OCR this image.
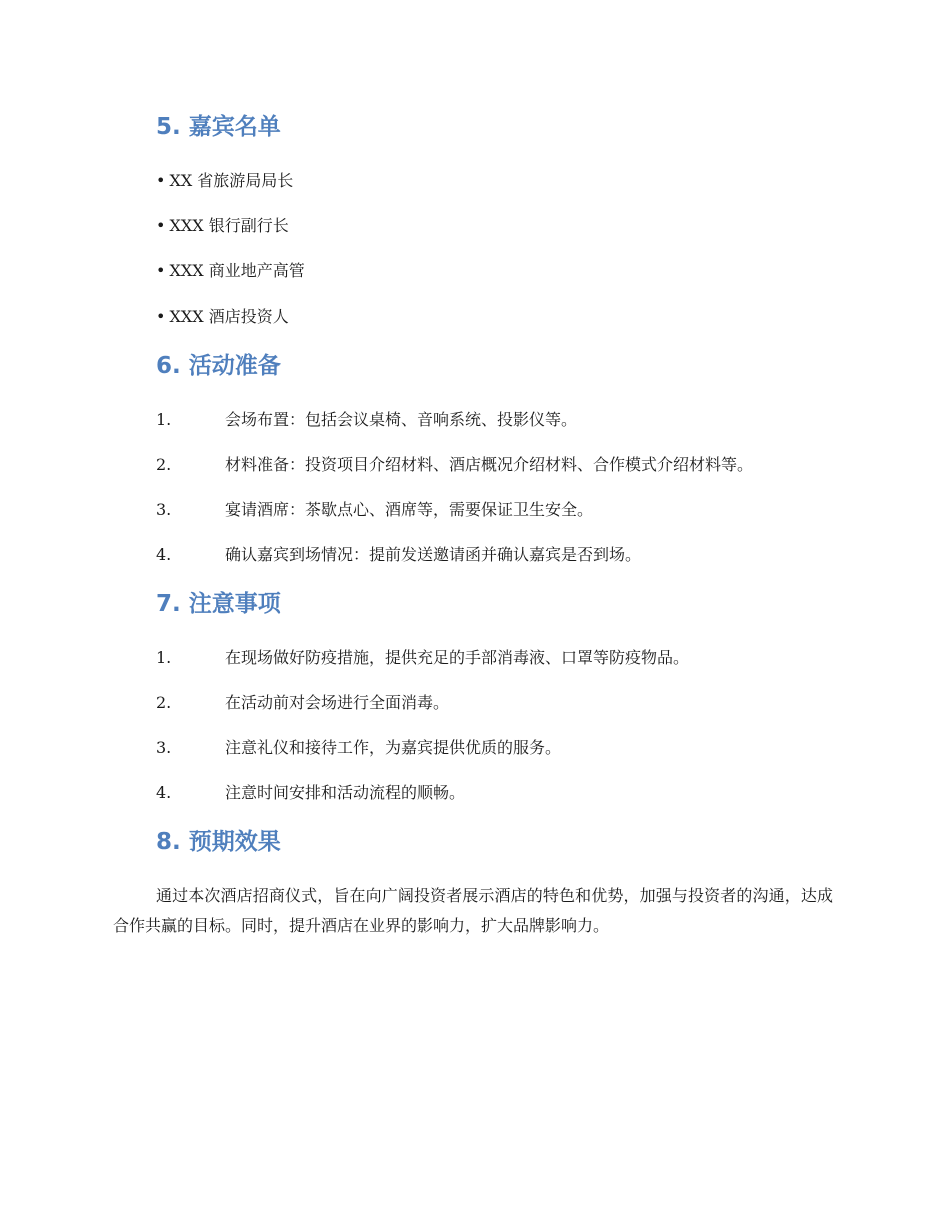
5. 嘉宾名单
• XX 省旅游局局长
• XXX 银行副行长
• XXX 商业地产高管
• XXX 酒店投资人
6. 活动准备
1.	会场布置：包括会议桌椅、音响系统、投影仪等。
2.	材料准备：投资项目介绍材料、酒店概况介绍材料、合作模式介绍材料等。
3.	宴请酒席：茶歇点心、酒席等，需要保证卫生安全。
4.	确认嘉宾到场情况：提前发送邀请函并确认嘉宾是否到场。
7. 注意事项
1.	在现场做好防疫措施，提供充足的手部消毒液、口罩等防疫物品。
2.	在活动前对会场进行全面消毒。
3.	注意礼仪和接待工作，为嘉宾提供优质的服务。
4.	注意时间安排和活动流程的顺畅。
8. 预期效果

通过本次酒店招商仪式，旨在向广阔投资者展示酒店的特色和优势，加强与投资者的沟通，达成合作共赢的目标。同时，提升酒店在业界的影响力，扩大品牌影响力。
